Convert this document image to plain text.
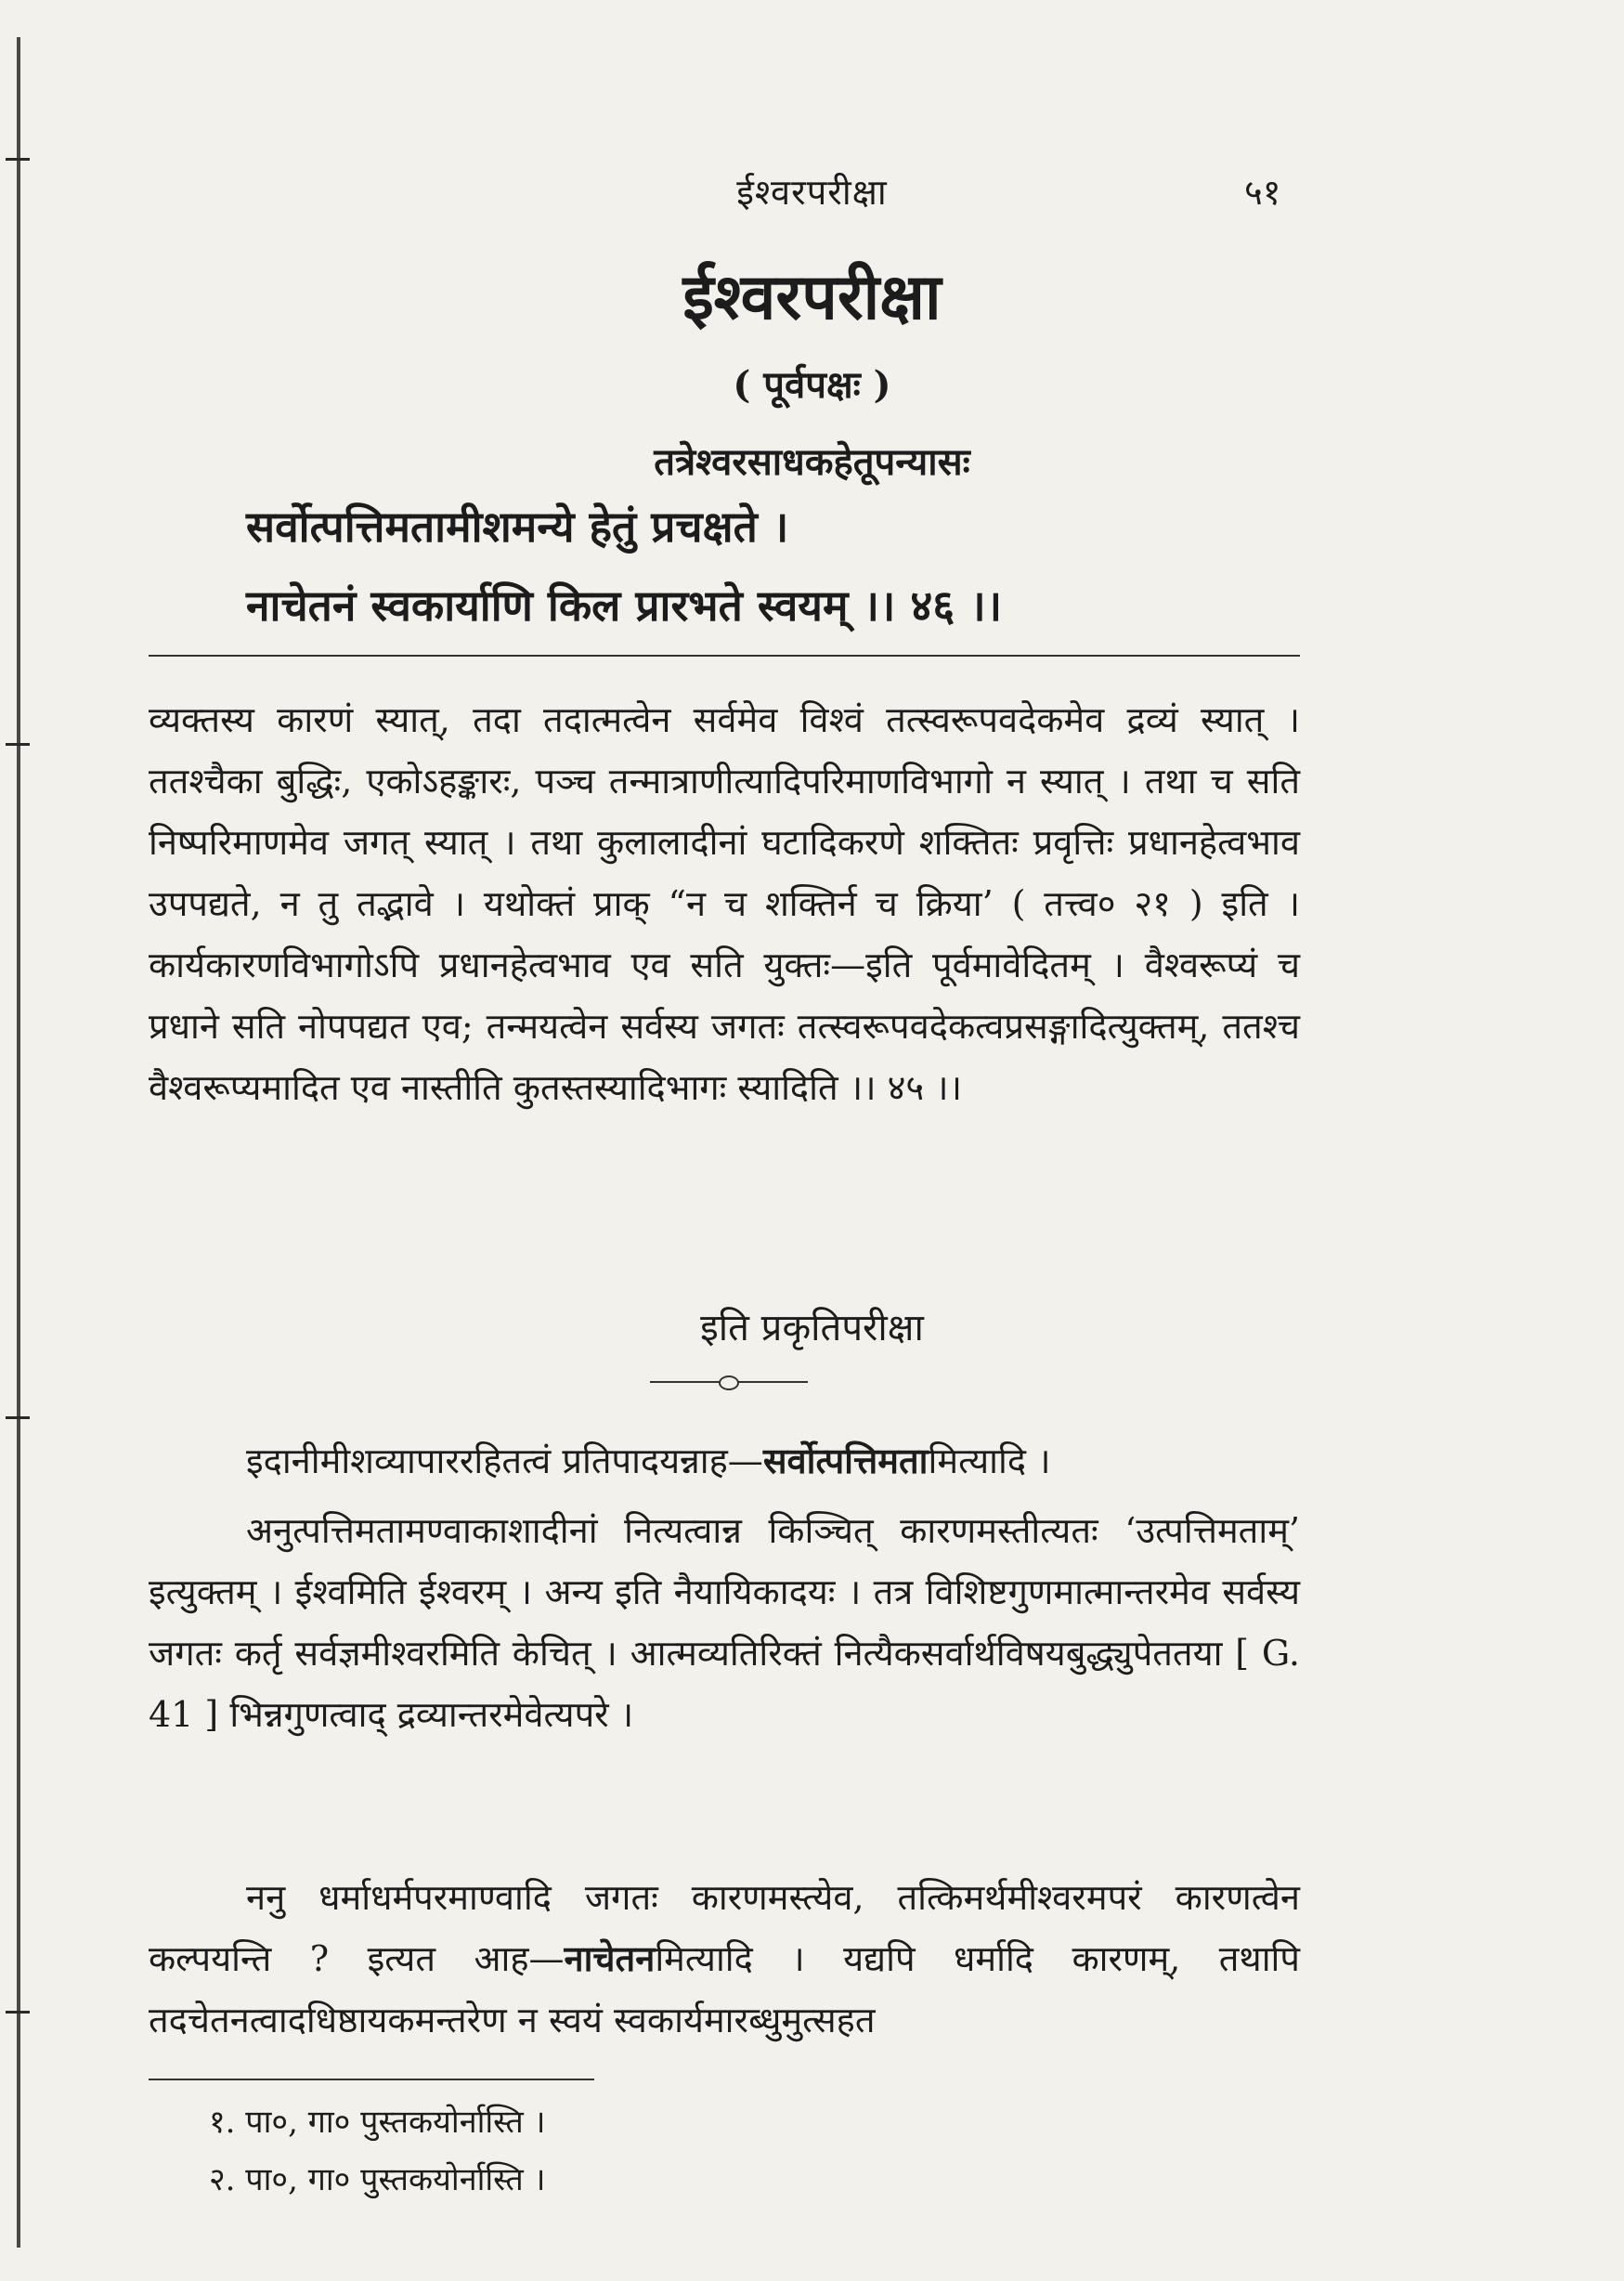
ईश्वरपरीक्षा	५१
ईश्वरपरीक्षा
( पूर्वपक्षः )
तत्रेश्वरसाधकहेतूपन्यासः
सर्वोत्पत्तिमतामीशमन्ये हेतुं प्रचक्षते ।
नाचेतनं स्वकार्याणि किल प्रारभते स्वयम् ।। ४६ ।।
व्यक्तस्य कारणं स्यात्, तदा तदात्मत्वेन सर्वमेव विश्वं तत्स्वरूपवदेकमेव द्रव्यं स्यात् । ततश्चैका बुद्धिः, एकोऽहङ्कारः, पञ्च तन्मात्राणीत्यादिपरिमाणविभागो न स्यात् । तथा च सति निष्परिमाणमेव जगत् स्यात् । तथा कुलालादीनां घटादिकरणे शक्तितः प्रवृत्तिः प्रधानहेत्वभाव उपपद्यते, न तु तद्भावे । यथोक्तं प्राक् “न च शक्तिर्न च क्रिया’ ( तत्त्व० २१ ) इति । कार्यकारणविभागोऽपि प्रधानहेत्वभाव एव सति युक्तः—इति पूर्वमावेदितम् । वैश्वरूप्यं च प्रधाने सति नोपपद्यत एव; तन्मयत्वेन सर्वस्य जगतः तत्स्वरूपवदेकत्वप्रसङ्गादित्युक्तम्, ततश्च वैश्वरूप्यमादित एव नास्तीति कुतस्तस्यादिभागः स्यादिति ।। ४५ ।।
इति प्रकृतिपरीक्षा
इदानीमीशव्यापाररहितत्वं प्रतिपादयन्नाह—सर्वोत्पत्तिमतामित्यादि ।
अनुत्पत्तिमतामण्वाकाशादीनां नित्यत्वान्न किञ्चित् कारणमस्तीत्यतः ‘उत्पत्तिमताम्’ इत्युक्तम् । ईश्वमिति ईश्वरम् । अन्य इति नैयायिकादयः । तत्र विशिष्टगुणमात्मान्तरमेव सर्वस्य जगतः कर्तृ सर्वज्ञमीश्वरमिति केचित् । आत्मव्यतिरिक्तं नित्यैकसर्वार्थविषयबुद्ध्युपेततया [ G. 41 ] भिन्नगुणत्वाद् द्रव्यान्तरमेवेत्यपरे ।
ननु धर्माधर्मपरमाण्वादि जगतः कारणमस्त्येव, तत्किमर्थमीश्वरमपरं कारणत्वेन कल्पयन्ति ? इत्यत आह—नाचेतनमित्यादि । यद्यपि धर्मादि कारणम्, तथापि तदचेतनत्वादधिष्ठायकमन्तरेण न स्वयं स्वकार्यमारब्धुमुत्सहत
१. पा०, गा० पुस्तकयोर्नास्ति ।
२. पा०, गा० पुस्तकयोर्नास्ति ।
